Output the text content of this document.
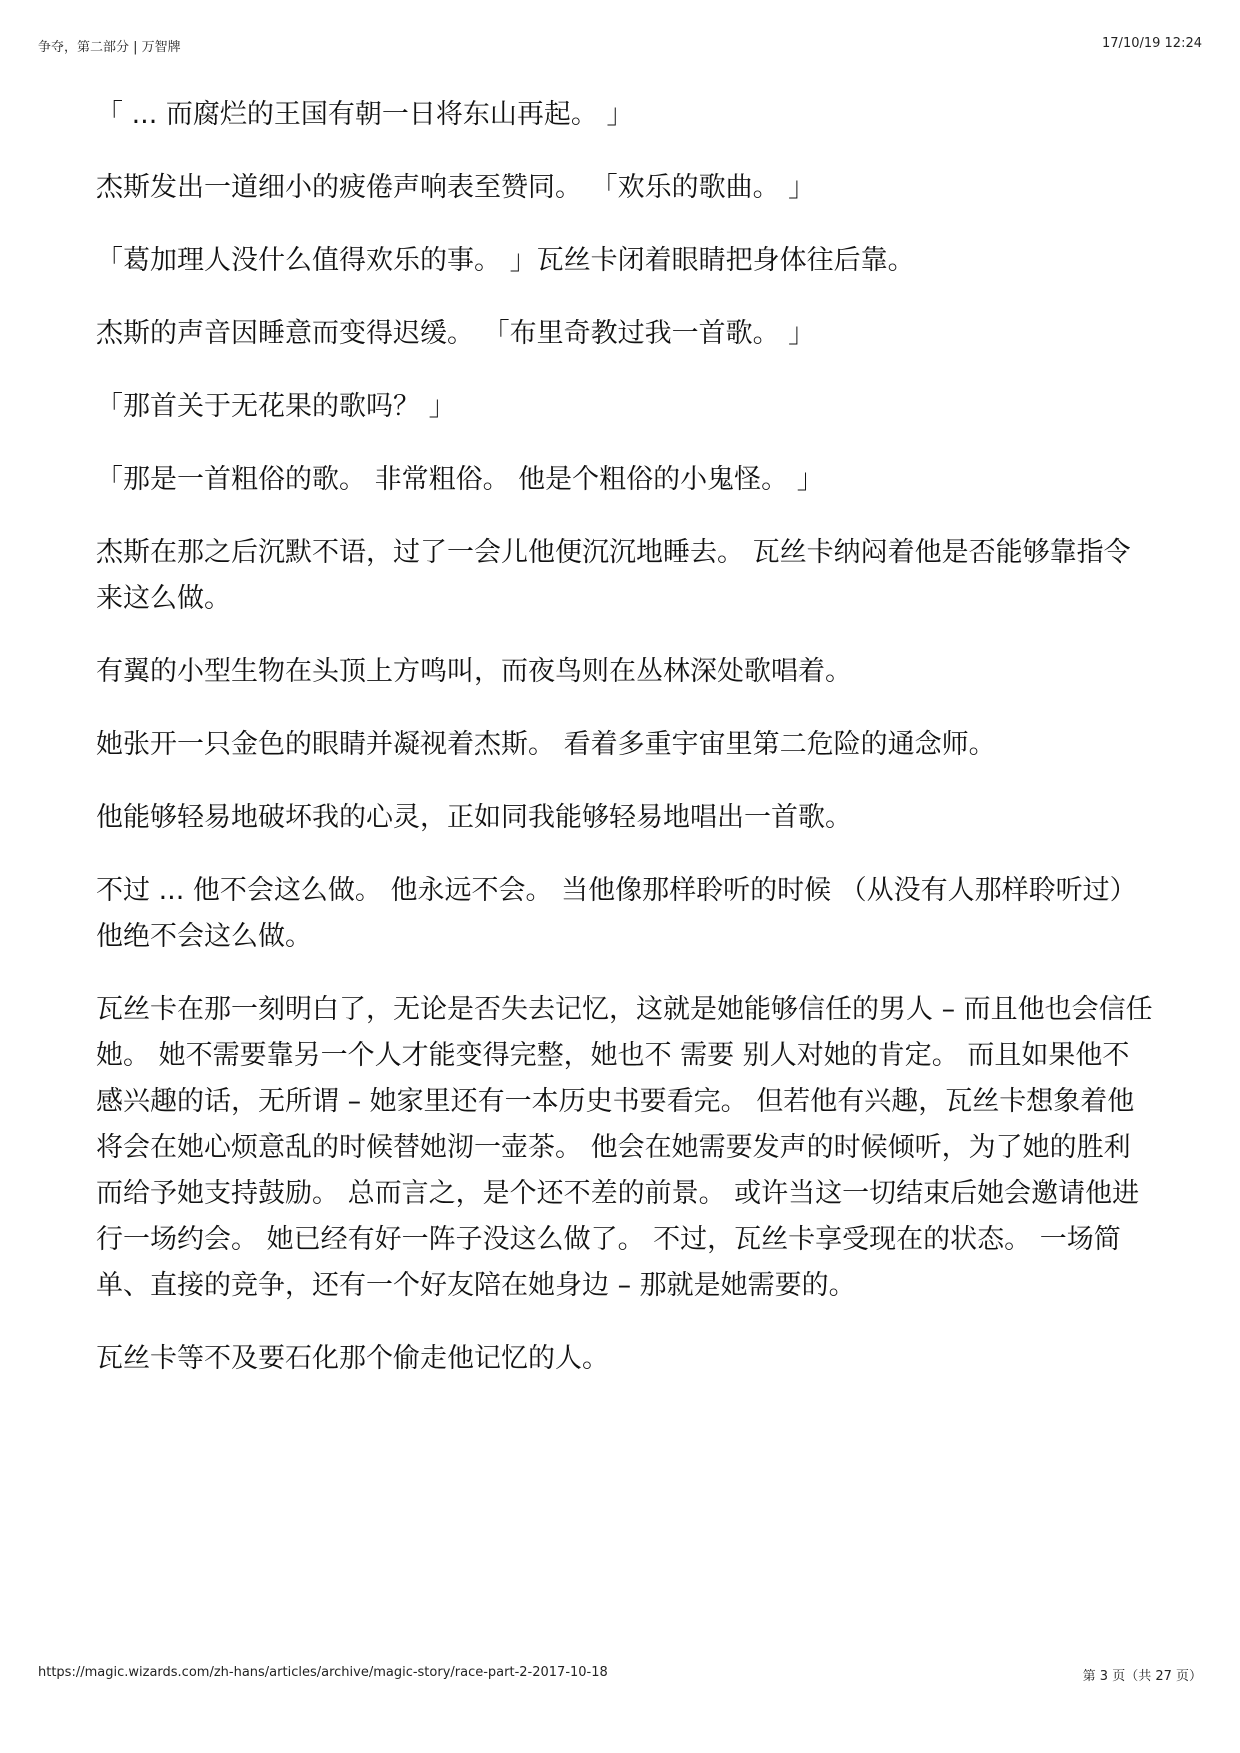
争夺，第二部分 | 万智牌	17/10/19 12:24

「 ... 而腐烂的王国有朝一日将东山再起。 」

杰斯发出一道细小的疲倦声响表至赞同。 「欢乐的歌曲。 」

「葛加理人没什么值得欢乐的事。 」瓦丝卡闭着眼睛把身体往后靠。

杰斯的声音因睡意而变得迟缓。 「布里奇教过我一首歌。 」

「那首关于无花果的歌吗？ 」

「那是一首粗俗的歌。 非常粗俗。 他是个粗俗的小鬼怪。 」

杰斯在那之后沉默不语，过了一会儿他便沉沉地睡去。 瓦丝卡纳闷着他是否能够靠指令来这么做。

有翼的小型生物在头顶上方鸣叫，而夜鸟则在丛林深处歌唱着。

她张开一只金色的眼睛并凝视着杰斯。 看着多重宇宙里第二危险的通念师。

他能够轻易地破坏我的心灵，正如同我能够轻易地唱出一首歌。

不过 ... 他不会这么做。 他永远不会。 当他像那样聆听的时候 （从没有人那样聆听过）他绝不会这么做。

瓦丝卡在那一刻明白了，无论是否失去记忆，这就是她能够信任的男人 – 而且他也会信任她。 她不需要靠另一个人才能变得完整，她也不 需要 别人对她的肯定。 而且如果他不感兴趣的话，无所谓 – 她家里还有一本历史书要看完。 但若他有兴趣，瓦丝卡想象着他将会在她心烦意乱的时候替她沏一壶茶。 他会在她需要发声的时候倾听，为了她的胜利而给予她支持鼓励。 总而言之，是个还不差的前景。 或许当这一切结束后她会邀请他进行一场约会。 她已经有好一阵子没这么做了。 不过，瓦丝卡享受现在的状态。 一场简单、直接的竞争，还有一个好友陪在她身边 – 那就是她需要的。

瓦丝卡等不及要石化那个偷走他记忆的人。

https://magic.wizards.com/zh-hans/articles/archive/magic-story/race-part-2-2017-10-18	第 3 页（共 27 页）
